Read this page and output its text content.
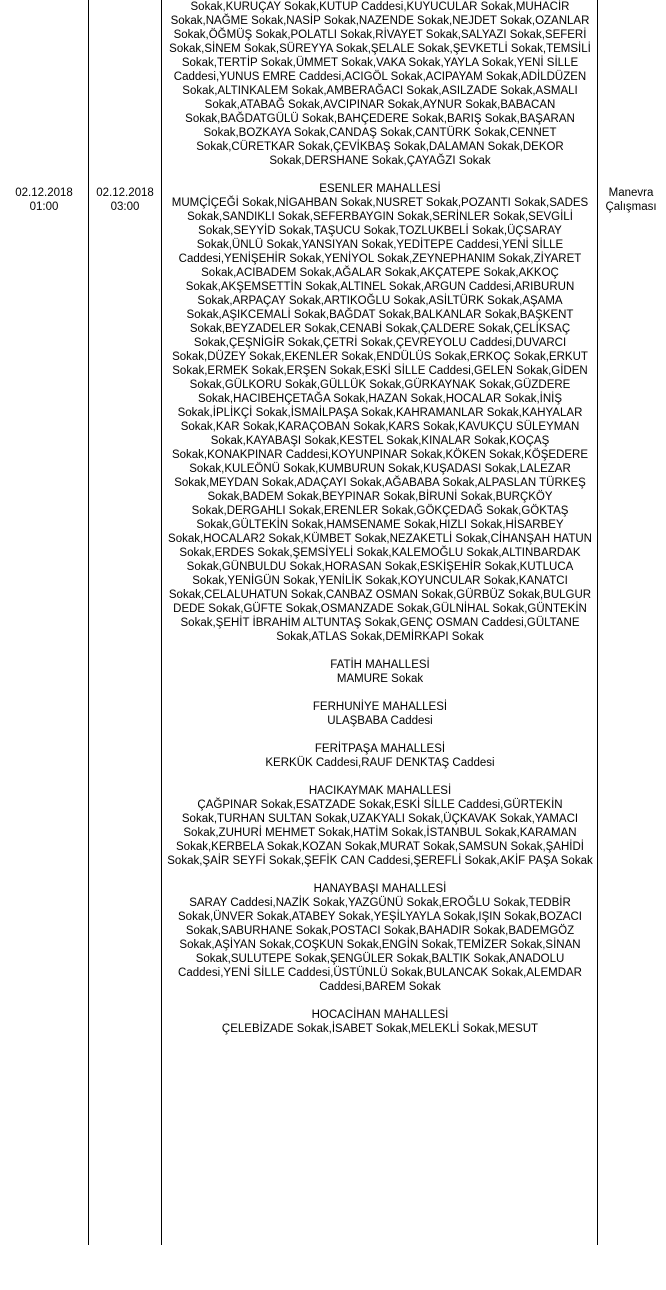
02.12.2018
01:00
02.12.2018
03:00
Manevra
Çalışması

Sokak,KURUÇAY Sokak,KUTUP Caddesi,KUYUCULAR Sokak,MUHACİR Sokak,NAĞME Sokak,NASİP Sokak,NAZENDE Sokak,NEJDET Sokak,OZANLAR Sokak,ÖĞMÜŞ Sokak,POLATLI Sokak,RİVAYET Sokak,SALYAZI Sokak,SEFERİ Sokak,SİNEM Sokak,SÜREYYA Sokak,ŞELALE Sokak,ŞEVKETLİ Sokak,TEMSİLİ Sokak,TERTİP Sokak,ÜMMET Sokak,VAKA Sokak,YAYLA Sokak,YENİ SİLLE Caddesi,YUNUS EMRE Caddesi,ACIGÖL Sokak,ACIPAYAM Sokak,ADİLDÜZEN Sokak,ALTINKALEM Sokak,AMBERAĞACI Sokak,ASILZADE Sokak,ASMALI Sokak,ATABAĞ Sokak,AVCIPINAR Sokak,AYNUR Sokak,BABACAN Sokak,BAĞDATGÜLÜ Sokak,BAHÇEDERE Sokak,BARIŞ Sokak,BAŞARAN Sokak,BOZKAYA Sokak,CANDAŞ Sokak,CANTÜRK Sokak,CENNET Sokak,CÜRETKAR Sokak,ÇEVİKBAŞ Sokak,DALAMAN Sokak,DEKOR Sokak,DERSHANE Sokak,ÇAYAĞZI Sokak

ESENLER MAHALLESİ

MUMÇİÇEĞİ Sokak,NİGAHBAN Sokak,NUSRET Sokak,POZANTI Sokak,SADES Sokak,SANDIKLI Sokak,SEFERBAYGIN Sokak,SERİNLER Sokak,SEVGİLİ Sokak,SEYYİD Sokak,TAŞUCU Sokak,TOZLUKBELİ Sokak,ÜÇSARAY Sokak,ÜNLÜ Sokak,YANSIYAN Sokak,YEDİTEPE Caddesi,YENİ SİLLE Caddesi,YENİŞEHİR Sokak,YENİYOL Sokak,ZEYNEPHANIM Sokak,ZİYARET Sokak,ACIBADEM Sokak,AĞALAR Sokak,AKÇATEPE Sokak,AKKOÇ Sokak,AKŞEMSETTİN Sokak,ALTINEL Sokak,ARGUN Caddesi,ARIBURUN Sokak,ARPAÇAY Sokak,ARTIKOĞLU Sokak,ASİLTÜRK Sokak,AŞAMA Sokak,AŞIKCEMALİ Sokak,BAĞDAT Sokak,BALKANLAR Sokak,BAŞKENT Sokak,BEYZADELER Sokak,CENABİ Sokak,ÇALDERE Sokak,ÇELİKSAÇ Sokak,ÇEŞNİGİR Sokak,ÇETRİ Sokak,ÇEVREYOLU Caddesi,DUVARCI Sokak,DÜZEY Sokak,EKENLER Sokak,ENDÜLÜS Sokak,ERKOÇ Sokak,ERKUT Sokak,ERMEK Sokak,ERŞEN Sokak,ESKİ SİLLE Caddesi,GELEN Sokak,GİDEN Sokak,GÜLKORU Sokak,GÜLLÜK Sokak,GÜRKAYNAK Sokak,GÜZDERE Sokak,HACIBEHÇETAĞA Sokak,HAZAN Sokak,HOCALAR Sokak,İNİŞ Sokak,İPLİKÇİ Sokak,İSMAİLPAŞA Sokak,KAHRAMANLAR Sokak,KAHYALAR Sokak,KAR Sokak,KARAÇOBAN Sokak,KARS Sokak,KAVUKÇU SÜLEYMAN Sokak,KAYABAŞI Sokak,KESTEL Sokak,KINALAR Sokak,KOÇAŞ Sokak,KONAKPINAR Caddesi,KOYUNPINAR Sokak,KÖKEN Sokak,KÖŞEDERE Sokak,KULEÖNÜ Sokak,KUMBURUN Sokak,KUŞADASI Sokak,LALEZAR Sokak,MEYDAN Sokak,ADAÇAYI Sokak,AĞABABA Sokak,ALPASLAN TÜRKEŞ Sokak,BADEM Sokak,BEYPINAR Sokak,BİRUNİ Sokak,BURÇKÖY Sokak,DERGAHLI Sokak,ERENLER Sokak,GÖKÇEDAĞ Sokak,GÖKTAŞ Sokak,GÜLTEKİN Sokak,HAMSENAME Sokak,HIZLI Sokak,HİSARBEY Sokak,HOCALAR2 Sokak,KÜMBET Sokak,NEZAKETLİ Sokak,CİHANŞAH HATUN Sokak,ERDES Sokak,ŞEMSİYELİ Sokak,KALEMOĞLU Sokak,ALTINBARDAK Sokak,GÜNBULDU Sokak,HORASAN Sokak,ESKİŞEHİR Sokak,KUTLUCA Sokak,YENİGÜN Sokak,YENİLİK Sokak,KOYUNCULAR Sokak,KANATCI Sokak,CELALUHATUN Sokak,CANBAZ OSMAN Sokak,GÜRBÜZ Sokak,BULGUR DEDE Sokak,GÜFTE Sokak,OSMANZADE Sokak,GÜLNİHAL Sokak,GÜNTEKİN Sokak,ŞEHİT İBRAHİM ALTUNTAŞ Sokak,GENÇ OSMAN Caddesi,GÜLTANE Sokak,ATLAS Sokak,DEMİRKAPI Sokak

FATİH MAHALLESİ

MAMURE Sokak

FERHUNİYE MAHALLESİ

ULAŞBABA Caddesi

FERİTPAŞA MAHALLESİ

KERKÜK Caddesi,RAUF DENKTAŞ Caddesi

HACIKAYMAK MAHALLESİ

ÇAĞPINAR Sokak,ESATZADE Sokak,ESKİ SİLLE Caddesi,GÜRTEKİN Sokak,TURHAN SULTAN Sokak,UZAKYALI Sokak,ÜÇKAVAK Sokak,YAMACI Sokak,ZUHURİ MEHMET Sokak,HATİM Sokak,İSTANBUL Sokak,KARAMAN Sokak,KERBELA Sokak,KOZAN Sokak,MURAT Sokak,SAMSUN Sokak,ŞAHİDİ Sokak,ŞAİR SEYFİ Sokak,ŞEFİK CAN Caddesi,ŞEREFLİ Sokak,AKİF PAŞA Sokak

HANAYBAŞI MAHALLESİ

SARAY Caddesi,NAZİK Sokak,YAZGÜNÜ Sokak,EROĞLU Sokak,TEDBİR Sokak,ÜNVER Sokak,ATABEY Sokak,YEŞİLYAYLA Sokak,IŞIN Sokak,BOZACI Sokak,SABURHANE Sokak,POSTACI Sokak,BAHADIR Sokak,BADEMGÖZ Sokak,AŞİYAN Sokak,COŞKUN Sokak,ENGİN Sokak,TEMİZER Sokak,SİNAN Sokak,SULUTEPE Sokak,ŞENGÜLER Sokak,BALTIK Sokak,ANADOLU Caddesi,YENİ SİLLE Caddesi,ÜSTÜNLÜ Sokak,BULANCAK Sokak,ALEMDAR Caddesi,BAREM Sokak

HOCACİHAN MAHALLESİ

ÇELEBİZADE Sokak,İSABET Sokak,MELEKLİ Sokak,MESUT
